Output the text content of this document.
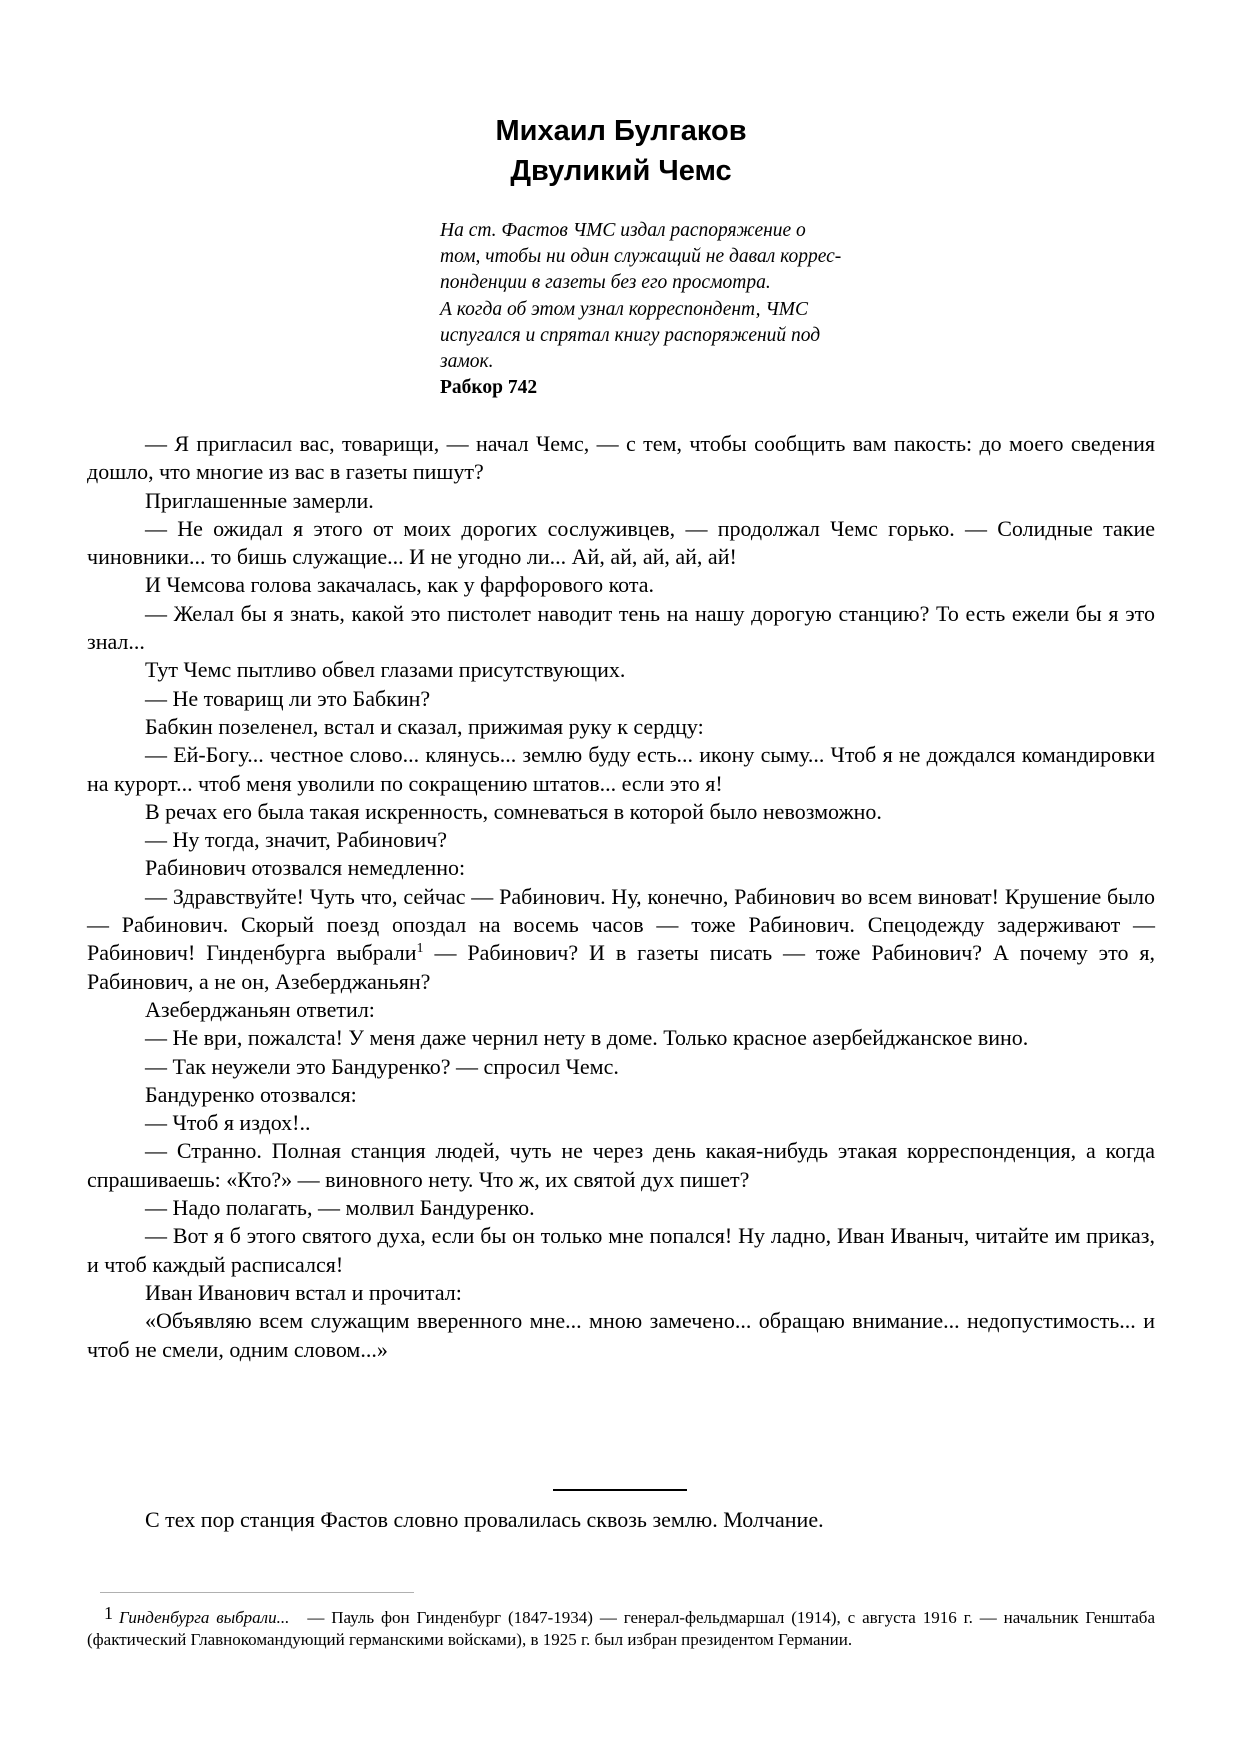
Михаил Булгаков
Двуликий Чемс
На ст. Фастов ЧМС издал распоряжение о
том, чтобы ни один служащий не давал коррес-
понденции в газеты без его просмотра.
А когда об этом узнал корреспондент, ЧМС
испугался и спрятал книгу распоряжений под
замок.
Рабкор 742

— Я пригласил вас, товарищи, — начал Чемс, — с тем, чтобы сообщить вам пакость: до моего сведения дошло, что многие из вас в газеты пишут?

Приглашенные замерли.

— Не ожидал я этого от моих дорогих сослуживцев, — продолжал Чемс горько. — Солидные такие чиновники... то бишь служащие... И не угодно ли... Ай, ай, ай, ай, ай!

И Чемсова голова закачалась, как у фарфорового кота.

— Желал бы я знать, какой это пистолет наводит тень на нашу дорогую станцию? То есть ежели бы я это знал...

Тут Чемс пытливо обвел глазами присутствующих.

— Не товарищ ли это Бабкин?

Бабкин позеленел, встал и сказал, прижимая руку к сердцу:

— Ей-Богу... честное слово... клянусь... землю буду есть... икону сыму... Чтоб я не дождался командировки на курорт... чтоб меня уволили по сокращению штатов... если это я!

В речах его была такая искренность, сомневаться в которой было невозможно.

— Ну тогда, значит, Рабинович?

Рабинович отозвался немедленно:

— Здравствуйте! Чуть что, сейчас — Рабинович. Ну, конечно, Рабинович во всем виноват! Крушение было — Рабинович. Скорый поезд опоздал на восемь часов — тоже Рабинович. Спецодежду задерживают — Рабинович! Гинденбурга выбрали$^1$ — Рабинович? И в газеты писать — тоже Рабинович? А почему это я, Рабинович, а не он, Азеберджаньян?

Азеберджаньян ответил:

— Не ври, пожалста! У меня даже чернил нету в доме. Только красное азербейджанское вино.

— Так неужели это Бандуренко? — спросил Чемс.

Бандуренко отозвался:

— Чтоб я издох!..

— Странно. Полная станция людей, чуть не через день какая-нибудь этакая корреспонденция, а когда спрашиваешь: «Кто?» — виновного нету. Что ж, их святой дух пишет?

— Надо полагать, — молвил Бандуренко.

— Вот я б этого святого духа, если бы он только мне попался! Ну ладно, Иван Иваныч, читайте им приказ, и чтоб каждый расписался!

Иван Иванович встал и прочитал:

«Объявляю всем служащим вверенного мне... мною замечено... обращаю внимание... недопустимость... и чтоб не смели, одним словом...»

С тех пор станция Фастов словно провалилась сквозь землю. Молчание.

1 Гинденбурга выбрали... — Пауль фон Гинденбург (1847-1934) — генерал-фельдмаршал (1914), с августа 1916 г. — начальник Генштаба (фактический Главнокомандующий германскими войсками), в 1925 г. был избран президентом Германии.
